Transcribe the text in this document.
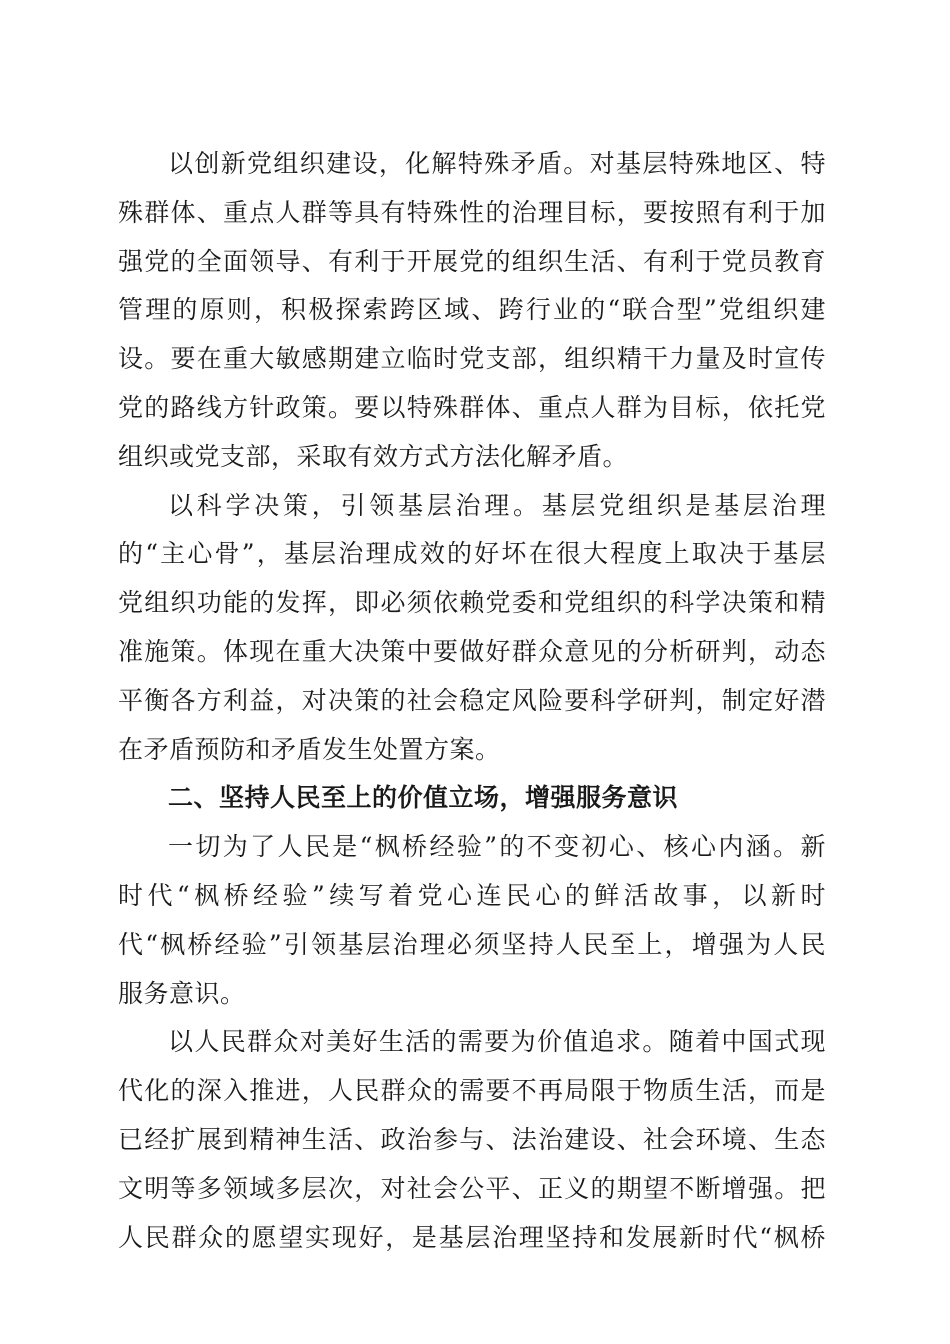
以创新党组织建设，化解特殊矛盾。对基层特殊地区、特
殊群体、重点人群等具有特殊性的治理目标，要按照有利于加
强党的全面领导、有利于开展党的组织生活、有利于党员教育
管理的原则，积极探索跨区域、跨行业的“联合型”党组织建
设。要在重大敏感期建立临时党支部，组织精干力量及时宣传
党的路线方针政策。要以特殊群体、重点人群为目标，依托党
组织或党支部，采取有效方式方法化解矛盾。
以科学决策，引领基层治理。基层党组织是基层治理
的“主心骨”，基层治理成效的好坏在很大程度上取决于基层
党组织功能的发挥，即必须依赖党委和党组织的科学决策和精
准施策。体现在重大决策中要做好群众意见的分析研判，动态
平衡各方利益，对决策的社会稳定风险要科学研判，制定好潜
在矛盾预防和矛盾发生处置方案。
二、坚持人民至上的价值立场，增强服务意识
一切为了人民是“枫桥经验”的不变初心、核心内涵。新
时代“枫桥经验”续写着党心连民心的鲜活故事，以新时
代“枫桥经验”引领基层治理必须坚持人民至上，增强为人民
服务意识。
以人民群众对美好生活的需要为价值追求。随着中国式现
代化的深入推进，人民群众的需要不再局限于物质生活，而是
已经扩展到精神生活、政治参与、法治建设、社会环境、生态
文明等多领域多层次，对社会公平、正义的期望不断增强。把
人民群众的愿望实现好，是基层治理坚持和发展新时代“枫桥
